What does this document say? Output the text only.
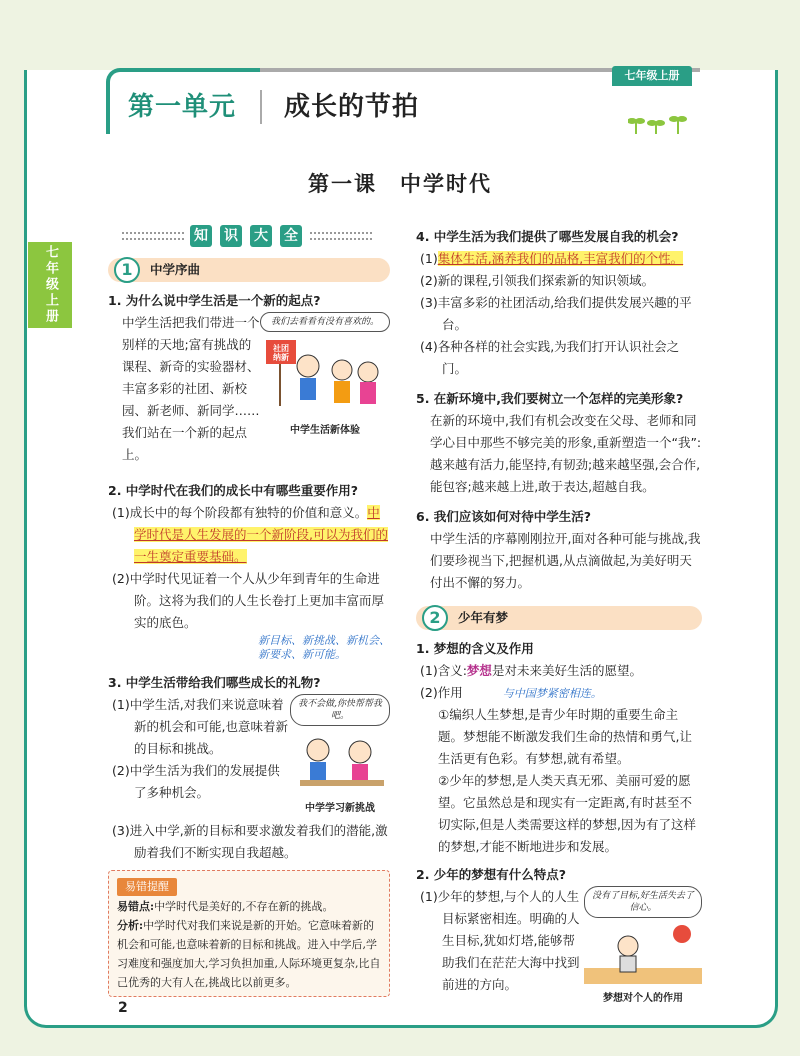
第一单元 成长的节拍
七年级上册
七年级上册
第一课　中学时代
知 识 大 全
1	中学序曲
1. 为什么说中学生活是一个新的起点?
中学生活把我们带进一个别样的天地;富有挑战的课程、新奇的实验器材、丰富多彩的社团、新校园、新老师、新同学……我们站在一个新的起点上。
我们去看看有没有喜欢的。
社团纳新
中学生活新体验
2. 中学时代在我们的成长中有哪些重要作用?
(1)成长中的每个阶段都有独特的价值和意义。中学时代是人生发展的一个新阶段,可以为我们的一生奠定重要基础。
(2)中学时代见证着一个人从少年到青年的生命进阶。这将为我们的人生长卷打上更加丰富而厚实的底色。
新目标、新挑战、新机会、新要求、新可能。
3. 中学生活带给我们哪些成长的礼物?
(1)中学生活,对我们来说意味着新的机会和可能,也意味着新的目标和挑战。
(2)中学生活为我们的发展提供了多种机会。
我不会做,你快帮帮我吧。
中学学习新挑战
(3)进入中学,新的目标和要求激发着我们的潜能,激励着我们不断实现自我超越。
易错提醒
易错点:中学时代是美好的,不存在新的挑战。
分析:中学时代对我们来说是新的开始。它意味着新的机会和可能,也意味着新的目标和挑战。进入中学后,学习难度和强度加大,学习负担加重,人际环境更复杂,比自己优秀的大有人在,挑战比以前更多。
4. 中学生活为我们提供了哪些发展自我的机会?
(1)集体生活,涵养我们的品格,丰富我们的个性。
(2)新的课程,引领我们探索新的知识领域。
(3)丰富多彩的社团活动,给我们提供发展兴趣的平台。
(4)各种各样的社会实践,为我们打开认识社会之门。
5. 在新环境中,我们要树立一个怎样的完美形象?
在新的环境中,我们有机会改变在父母、老师和同学心目中那些不够完美的形象,重新塑造一个“我”:越来越有活力,能坚持,有韧劲;越来越坚强,会合作,能包容;越来越上进,敢于表达,超越自我。
6. 我们应该如何对待中学生活?
中学生活的序幕刚刚拉开,面对各种可能与挑战,我们要珍视当下,把握机遇,从点滴做起,为美好明天付出不懈的努力。
2	少年有梦
1. 梦想的含义及作用
(1)含义:梦想是对未来美好生活的愿望。
(2)作用	与中国梦紧密相连。
①编织人生梦想,是青少年时期的重要生命主题。梦想能不断激发我们生命的热情和勇气,让生活更有色彩。有梦想,就有希望。
②少年的梦想,是人类天真无邪、美丽可爱的愿望。它虽然总是和现实有一定距离,有时甚至不切实际,但是人类需要这样的梦想,因为有了这样的梦想,才能不断地进步和发展。
2. 少年的梦想有什么特点?
(1)少年的梦想,与个人的人生目标紧密相连。明确的人生目标,犹如灯塔,能够帮助我们在茫茫大海中找到前进的方向。
没有了目标,好生活失去了信心。
梦想对个人的作用
2
